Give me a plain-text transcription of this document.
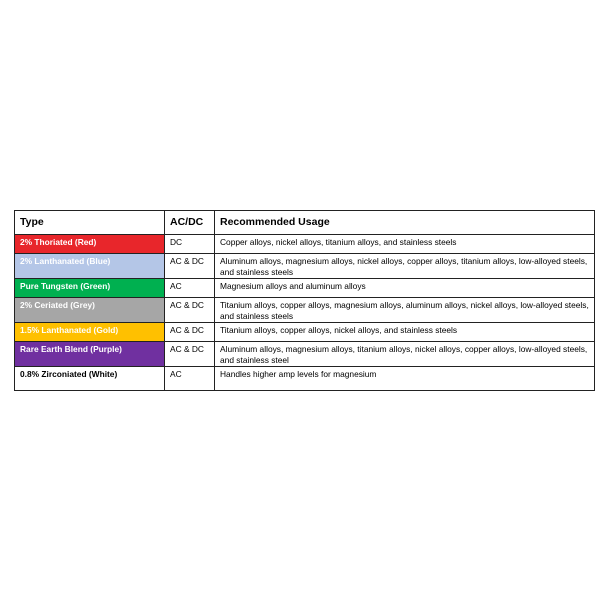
Type	AC/DC	Recommended Usage
2% Thoriated (Red)	DC	Copper alloys, nickel alloys, titanium alloys, and stainless steels
2% Lanthanated (Blue)	AC & DC	Aluminum alloys, magnesium alloys, nickel alloys, copper alloys, titanium alloys, low-alloyed steels, and stainless steels
Pure Tungsten (Green)	AC	Magnesium alloys and aluminum alloys
2% Ceriated (Grey)	AC & DC	Titanium alloys, copper alloys, magnesium alloys, aluminum alloys, nickel alloys, low-alloyed steels, and stainless steels
1.5% Lanthanated (Gold)	AC & DC	Titanium alloys, copper alloys, nickel alloys, and stainless steels
Rare Earth Blend (Purple)	AC & DC	Aluminum alloys, magnesium alloys, titanium alloys, nickel alloys, copper alloys, low-alloyed steels, and stainless steel
0.8% Zirconiated (White)	AC	Handles higher amp levels for magnesium
